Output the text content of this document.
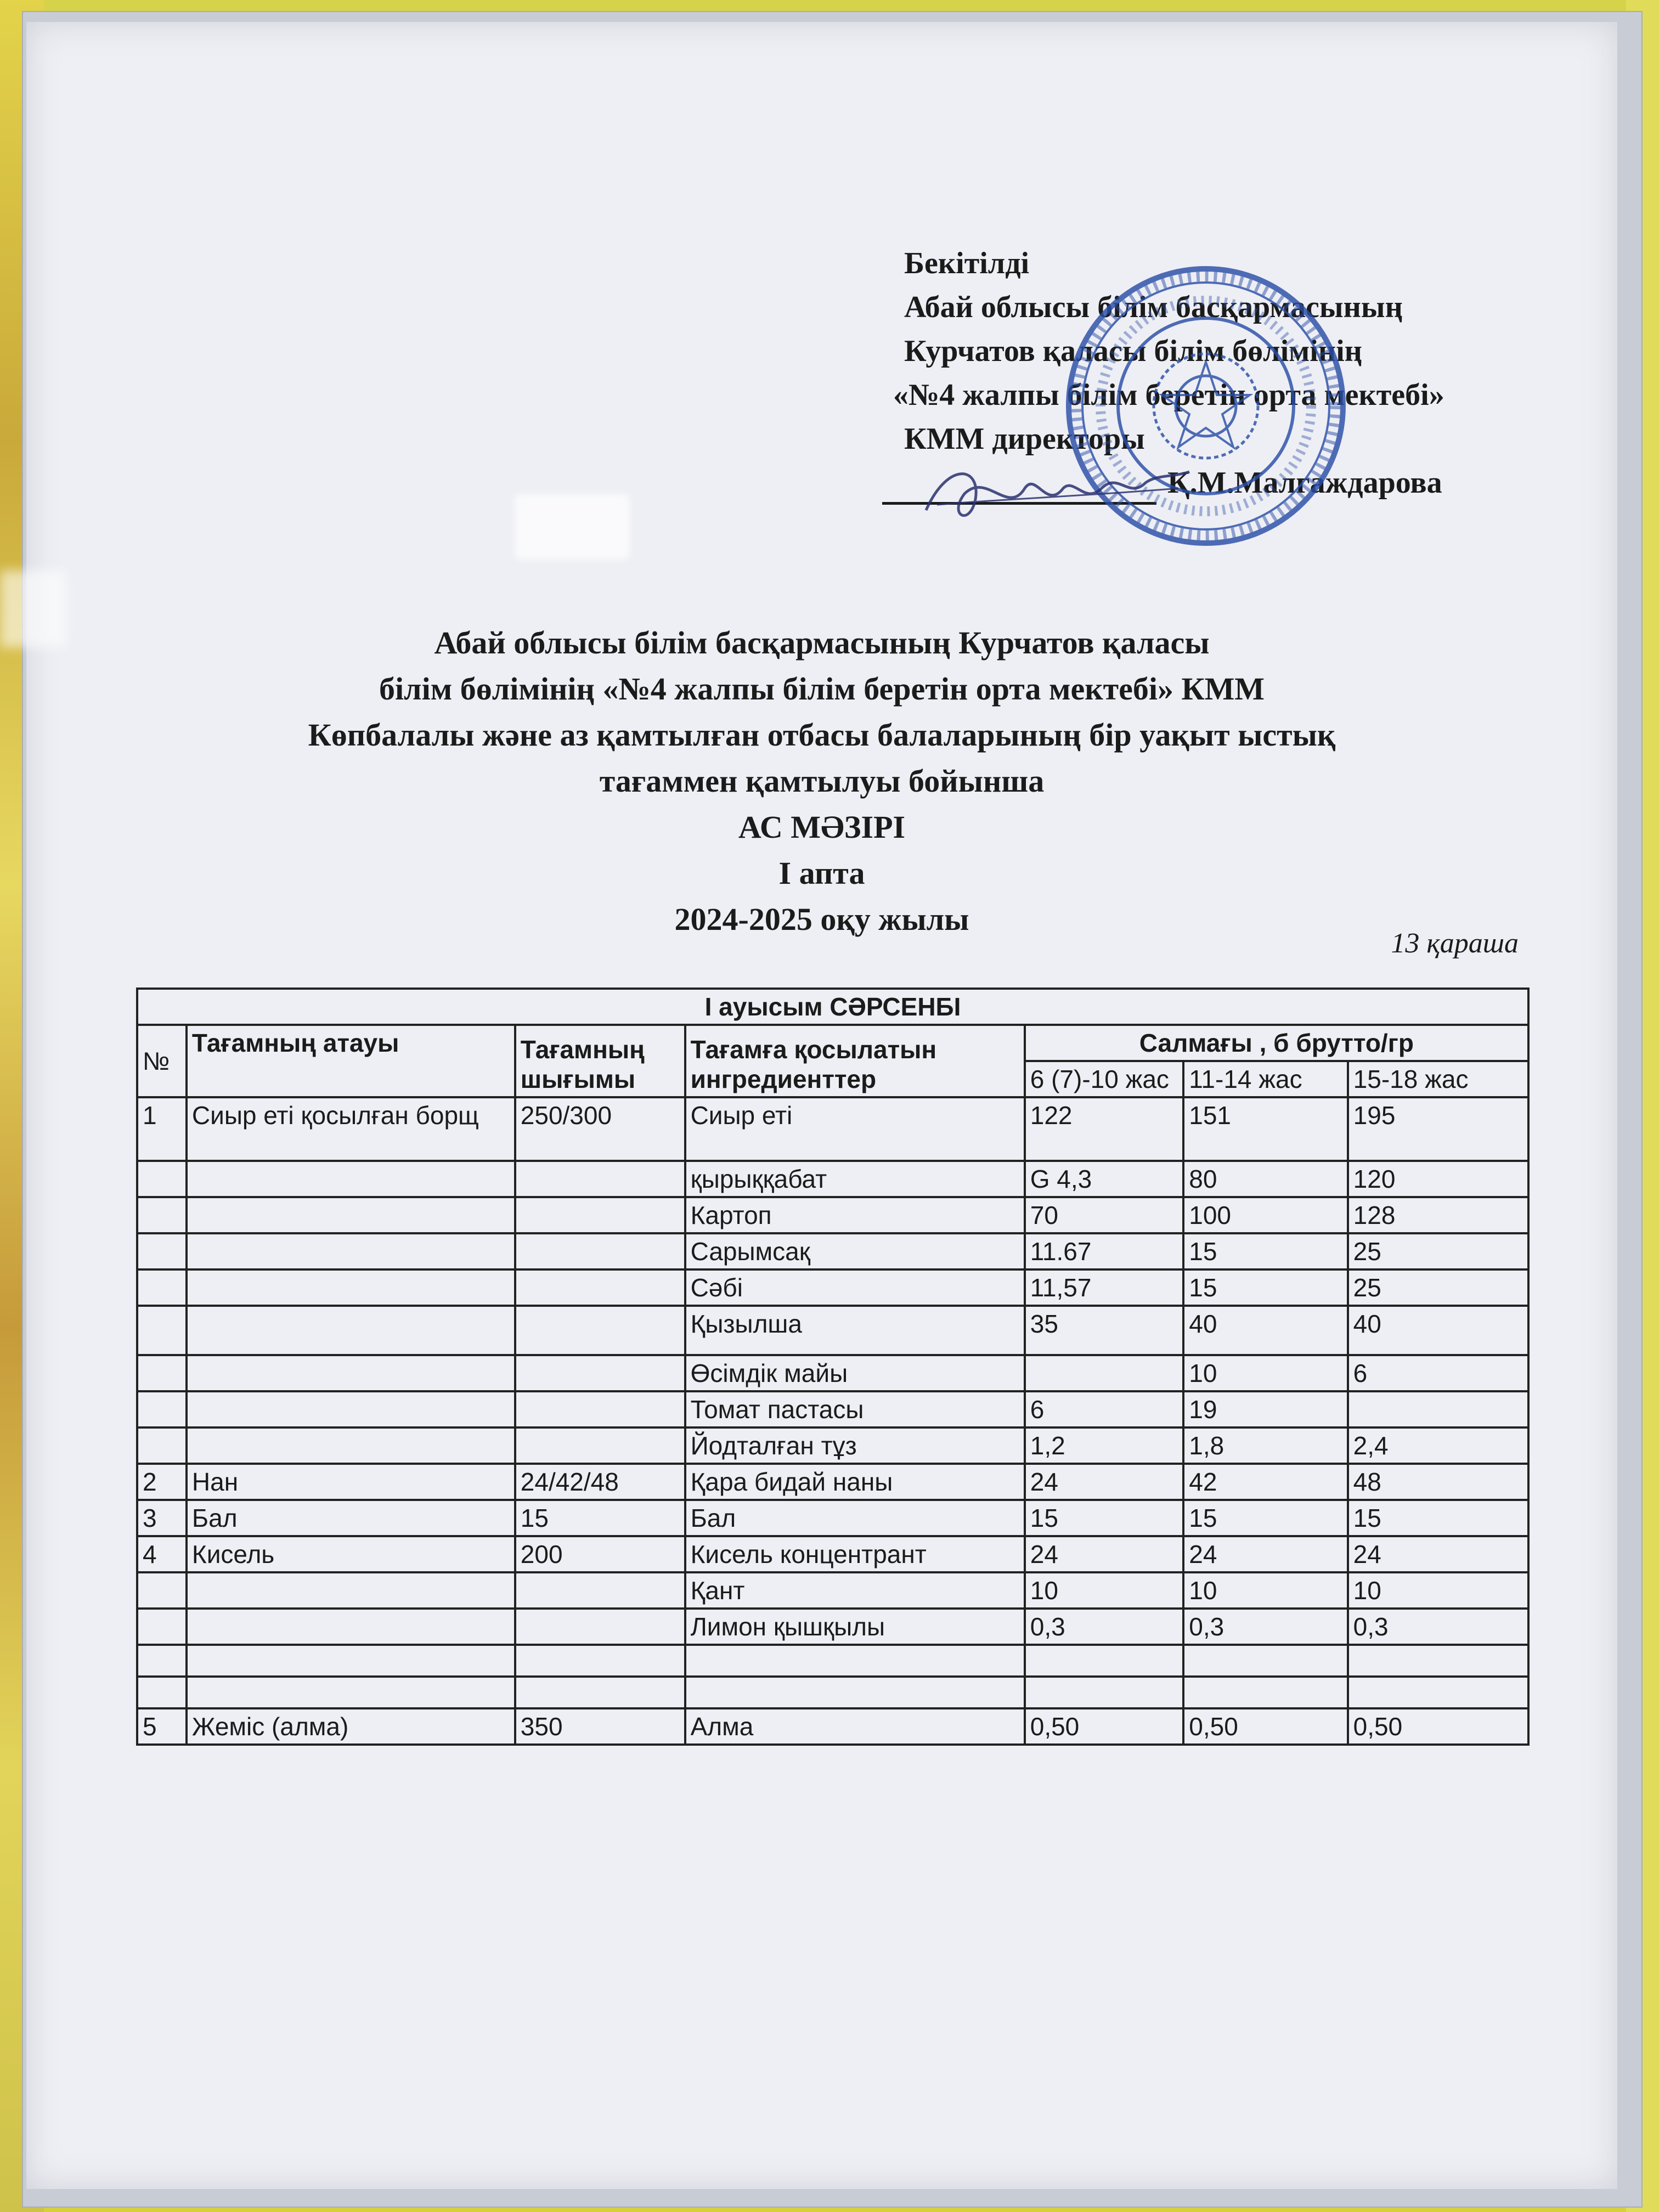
Бекітілді
Абай облысы білім басқармасының
Курчатов қаласы білім бөлімінің
«№4 жалпы білім беретін орта мектебі»
КММ директоры
Қ.М.Малгаждарова
Абай облысы білім басқармасының Курчатов қаласы
білім бөлімінің «№4 жалпы білім беретін орта мектебі» КММ
Көпбалалы және аз қамтылған отбасы балаларының бір уақыт ыстық
тағаммен қамтылуы бойынша
АС МӘЗІРІ
I апта
2024-2025 оқу жылы
13 қараша
I ауысым СӘРСЕНБІ						
№	Тағамның атауы	Тағамның шығымы	Тағамға қосылатын ингредиенттер	Салмағы , б брутто/гр		
				6 (7)-10 жас	11-14 жас	15-18 жас
1	Сиыр еті қосылған борщ	250/300	Сиыр еті	122	151	195
			қырыққабат	G 4,3	80	120
			Картоп	70	100	128
			Сарымсақ	11.67	15	25
			Сәбі	11,57	15	25
			Қызылша	35	40	40
			Өсімдік майы		10	6
			Томат пастасы	6	19	
			Йодталған тұз	1,2	1,8	2,4
2	Нан	24/42/48	Қара бидай наны	24	42	48
3	Бал	15	Бал	15	15	15
4	Кисель	200	Кисель концентрант	24	24	24
			Қант	10	10	10
			Лимон қышқылы	0,3	0,3	0,3

5	Жеміс (алма)	350	Алма	0,50	0,50	0,50
